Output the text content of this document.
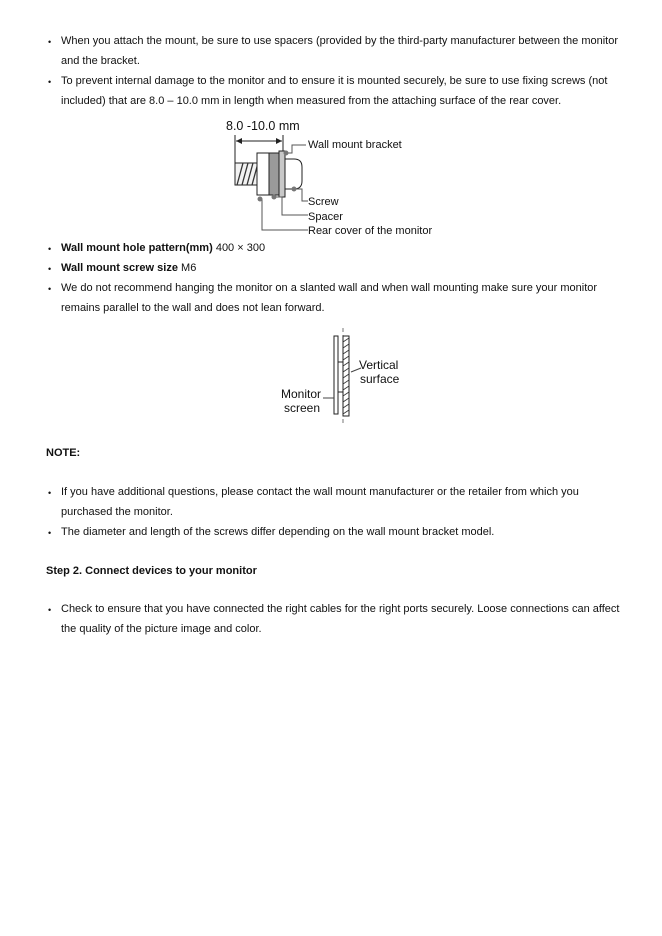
• When you attach the mount, be sure to use spacers (provided by the third-party manufacturer between the monitor and the bracket.
• To prevent internal damage to the monitor and to ensure it is mounted securely, be sure to use fixing screws (not included) that are 8.0 – 10.0 mm in length when measured from the attaching surface of the rear cover.
8.0 -10.0 mm
Wall mount bracket
Screw
Spacer
Rear cover of the monitor
• Wall mount hole pattern(mm) 400 × 300
• Wall mount screw size M6
• We do not recommend hanging the monitor on a slanted wall and when wall mounting make sure your monitor remains parallel to the wall and does not lean forward.
Vertical
surface
Monitor
screen
NOTE:
• If you have additional questions, please contact the wall mount manufacturer or the retailer from which you purchased the monitor.
• The diameter and length of the screws differ depending on the wall mount bracket model.
Step 2. Connect devices to your monitor
• Check to ensure that you have connected the right cables for the right ports securely. Loose connections can affect the quality of the picture image and color.
